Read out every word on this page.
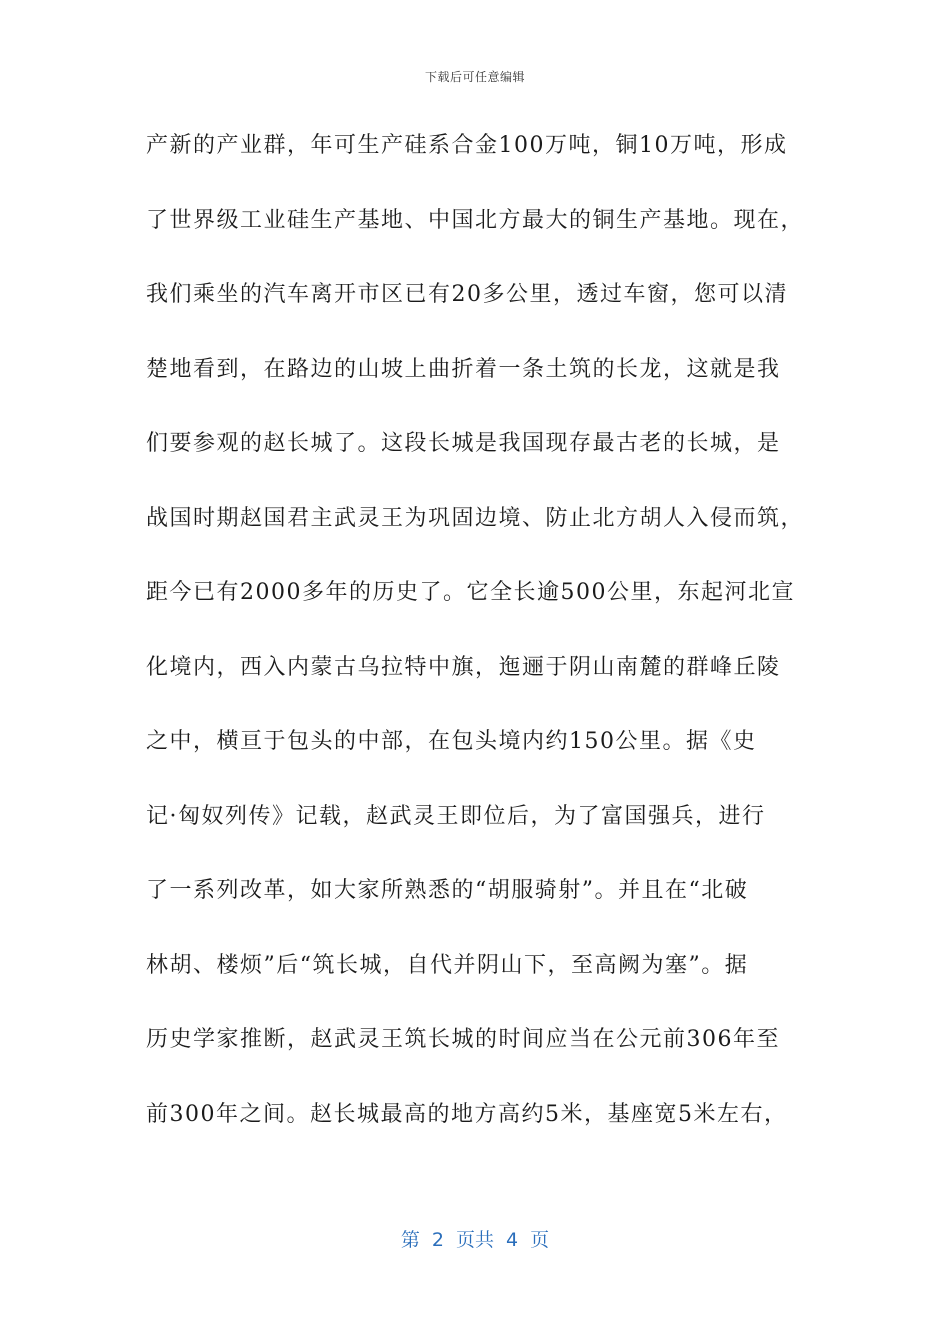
下载后可任意编辑
产新的产业群，年可生产硅系合金100万吨，铜10万吨，形成
了世界级工业硅生产基地、中国北方最大的铜生产基地。现在，
我们乘坐的汽车离开市区已有20多公里，透过车窗，您可以清
楚地看到，在路边的山坡上曲折着一条土筑的长龙，这就是我
们要参观的赵长城了。这段长城是我国现存最古老的长城，是
战国时期赵国君主武灵王为巩固边境、防止北方胡人入侵而筑，
距今已有2000多年的历史了。它全长逾500公里，东起河北宣
化境内，西入内蒙古乌拉特中旗，迤逦于阴山南麓的群峰丘陵
之中，横亘于包头的中部，在包头境内约150公里。据《史
记·匈奴列传》记载，赵武灵王即位后，为了富国强兵，进行
了一系列改革，如大家所熟悉的“胡服骑射”。并且在“北破
林胡、楼烦”后“筑长城，自代并阴山下，至高阙为塞”。据
历史学家推断，赵武灵王筑长城的时间应当在公元前306年至
前300年之间。赵长城最高的地方高约5米，基座宽5米左右，
第 2 页共 4 页
